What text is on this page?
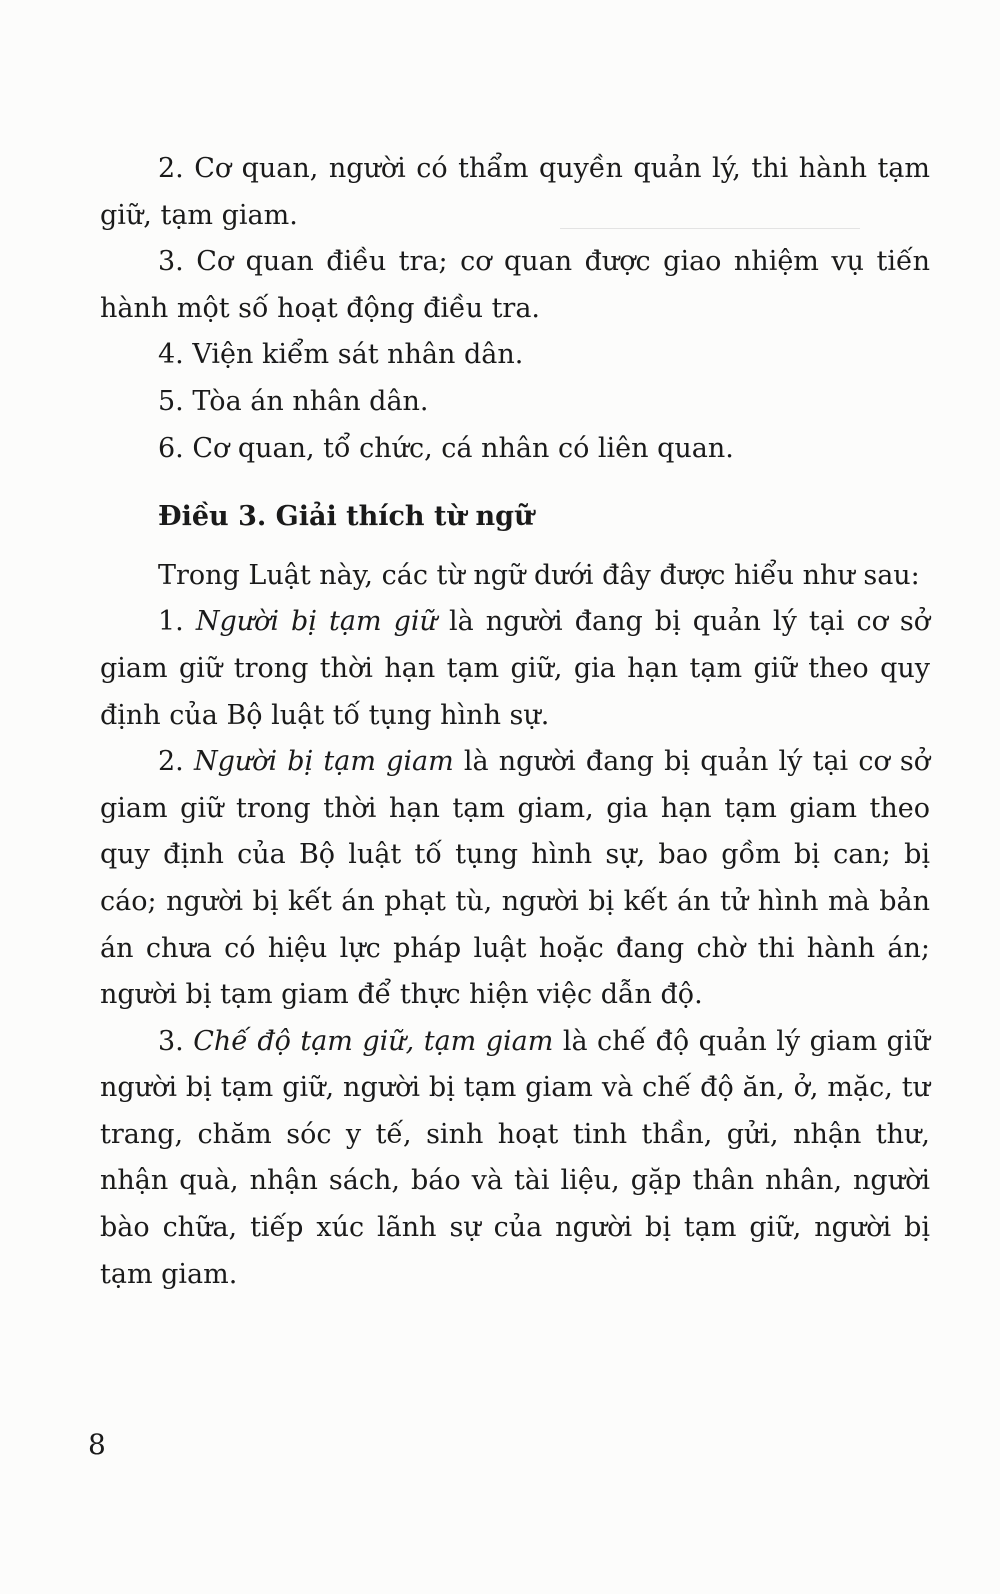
2. Cơ quan, người có thẩm quyền quản lý, thi hành tạm giữ, tạm giam.

3. Cơ quan điều tra; cơ quan được giao nhiệm vụ tiến hành một số hoạt động điều tra.

4. Viện kiểm sát nhân dân.

5. Tòa án nhân dân.

6. Cơ quan, tổ chức, cá nhân có liên quan.

Điều 3. Giải thích từ ngữ

Trong Luật này, các từ ngữ dưới đây được hiểu như sau:

1. Người bị tạm giữ là người đang bị quản lý tại cơ sở giam giữ trong thời hạn tạm giữ, gia hạn tạm giữ theo quy định của Bộ luật tố tụng hình sự.

2. Người bị tạm giam là người đang bị quản lý tại cơ sở giam giữ trong thời hạn tạm giam, gia hạn tạm giam theo quy định của Bộ luật tố tụng hình sự, bao gồm bị can; bị cáo; người bị kết án phạt tù, người bị kết án tử hình mà bản án chưa có hiệu lực pháp luật hoặc đang chờ thi hành án; người bị tạm giam để thực hiện việc dẫn độ.

3. Chế độ tạm giữ, tạm giam là chế độ quản lý giam giữ người bị tạm giữ, người bị tạm giam và chế độ ăn, ở, mặc, tư trang, chăm sóc y tế, sinh hoạt tinh thần, gửi, nhận thư, nhận quà, nhận sách, báo và tài liệu, gặp thân nhân, người bào chữa, tiếp xúc lãnh sự của người bị tạm giữ, người bị tạm giam.

8
